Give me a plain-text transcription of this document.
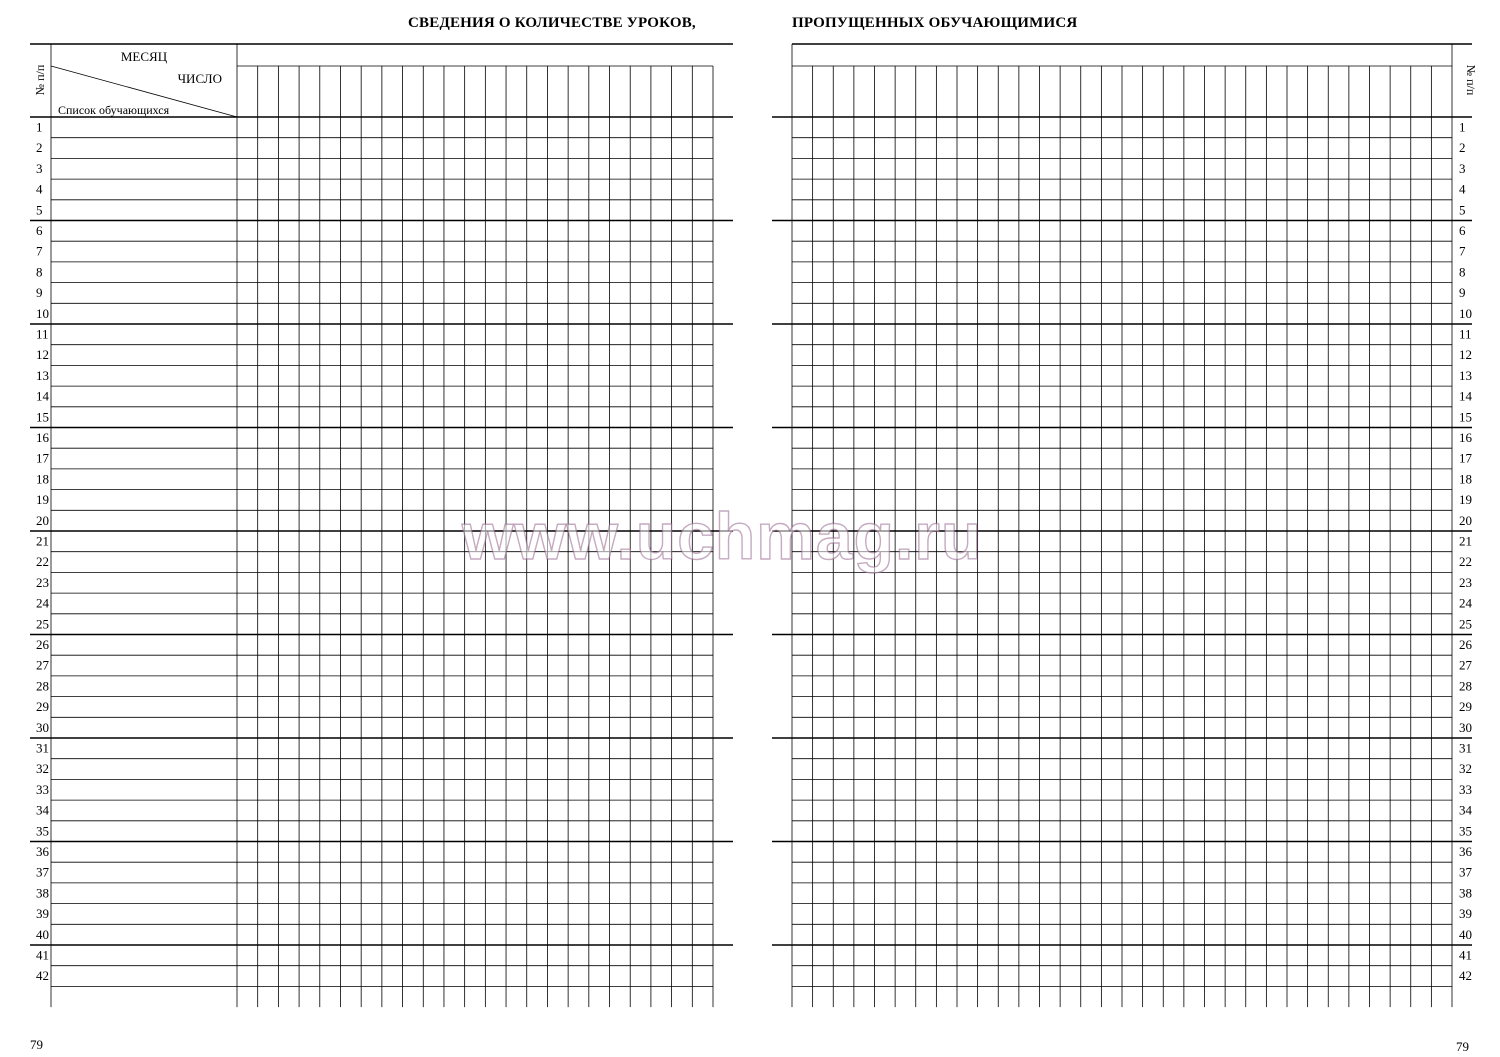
СВЕДЕНИЯ О КОЛИЧЕСТВЕ УРОКОВ,	ПРОПУЩЕННЫХ ОБУЧАЮЩИМИСЯ
МЕСЯЦ
ЧИСЛО
Список обучающихся
№ п/п	№ п/п
1	1
2	2
3	3
4	4
5	5
6	6
7	7
8	8
9	9
10	10
11	11
12	12
13	13
14	14
15	15
16	16
17	17
18	18
19	19
20	20
21	21
22	22
23	23
24	24
25	25
26	26
27	27
28	28
29	29
30	30
31	31
32	32
33	33
34	34
35	35
36	36
37	37
38	38
39	39
40	40
41	41
42	42
www.uchmag.ru
79	79
